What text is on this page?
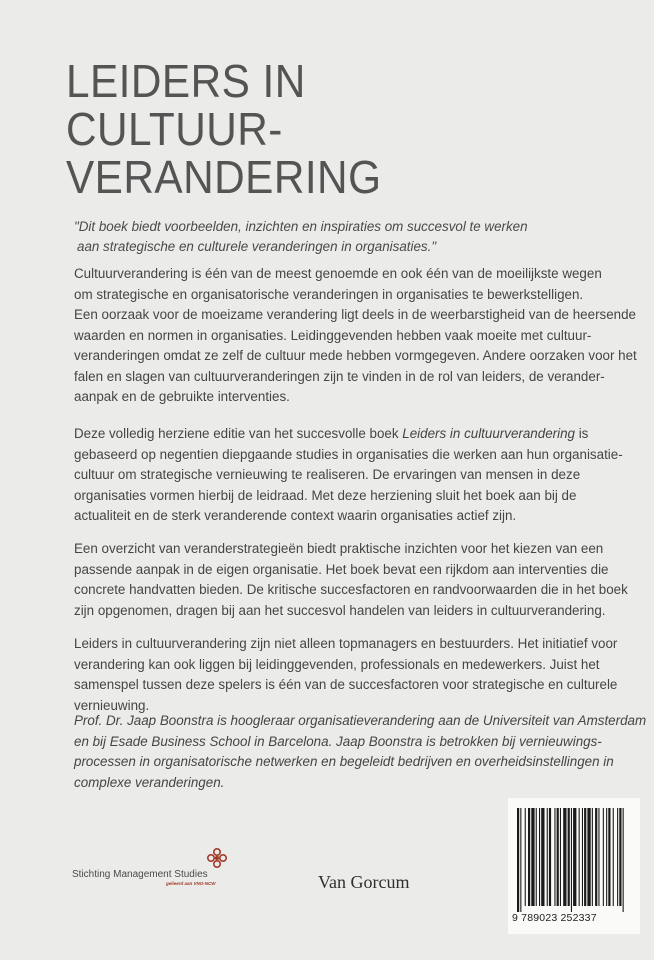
LEIDERS IN
CULTUUR-
VERANDERING
"Dit boek biedt voorbeelden, inzichten en inspiraties om succesvol te werken
aan strategische en culturele veranderingen in organisaties."
Cultuurverandering is één van de meest genoemde en ook één van de moeilijkste wegen
om strategische en organisatorische veranderingen in organisaties te bewerkstelligen.
Een oorzaak voor de moeizame verandering ligt deels in de weerbarstigheid van de heersende
waarden en normen in organisaties. Leidinggevenden hebben vaak moeite met cultuur-
veranderingen omdat ze zelf de cultuur mede hebben vormgegeven. Andere oorzaken voor het
falen en slagen van cultuurveranderingen zijn te vinden in de rol van leiders, de verander-
aanpak en de gebruikte interventies.
Deze volledig herziene editie van het succesvolle boek Leiders in cultuurverandering is
gebaseerd op negentien diepgaande studies in organisaties die werken aan hun organisatie-
cultuur om strategische vernieuwing te realiseren. De ervaringen van mensen in deze
organisaties vormen hierbij de leidraad. Met deze herziening sluit het boek aan bij de
actualiteit en de sterk veranderende context waarin organisaties actief zijn.
Een overzicht van veranderstrategieën biedt praktische inzichten voor het kiezen van een
passende aanpak in de eigen organisatie. Het boek bevat een rijkdom aan interventies die
concrete handvatten bieden. De kritische succesfactoren en randvoorwaarden die in het boek
zijn opgenomen, dragen bij aan het succesvol handelen van leiders in cultuurverandering.
Leiders in cultuurverandering zijn niet alleen topmanagers en bestuurders. Het initiatief voor
verandering kan ook liggen bij leidinggevenden, professionals en medewerkers. Juist het
samenspel tussen deze spelers is één van de succesfactoren voor strategische en culturele
vernieuwing.
Prof. Dr. Jaap Boonstra is hoogleraar organisatieverandering aan de Universiteit van Amsterdam
en bij Esade Business School in Barcelona. Jaap Boonstra is betrokken bij vernieuwings-
processen in organisatorische netwerken en begeleidt bedrijven en overheidsinstellingen in
complexe veranderingen.
Stichting Management Studies
gelieerd aan VNO-NCW	Van Gorcum
9 789023 252337
